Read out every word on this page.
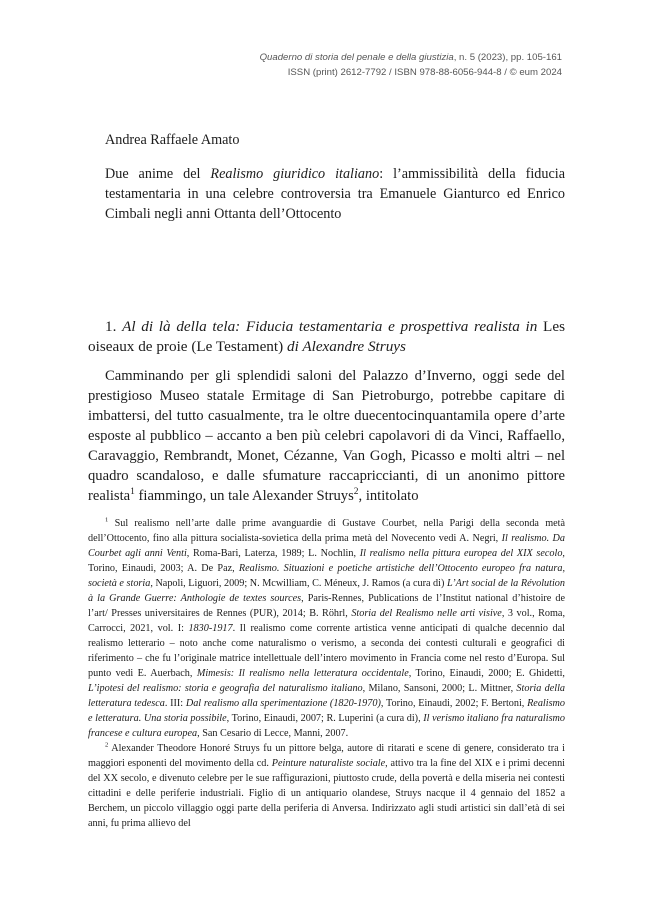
Quaderno di storia del penale e della giustizia, n. 5 (2023), pp. 105-161
ISSN (print) 2612-7792 / ISBN 978-88-6056-944-8 / © eum 2024
Andrea Raffaele Amato
Due anime del Realismo giuridico italiano: l’ammissibilità della fiducia testamentaria in una celebre controversia tra Emanuele Gianturco ed Enrico Cimbali negli anni Ottanta dell’Ottocento
1. Al di là della tela: Fiducia testamentaria e prospettiva realista in Les oiseaux de proie (Le Testament) di Alexandre Struys
Camminando per gli splendidi saloni del Palazzo d’Inverno, oggi sede del prestigioso Museo statale Ermitage di San Pietroburgo, potrebbe capitare di imbattersi, del tutto casualmente, tra le oltre duecentocinquantamila opere d’arte esposte al pubblico – accanto a ben più celebri capolavori di da Vinci, Raffaello, Caravaggio, Rembrandt, Monet, Cézanne, Van Gogh, Picasso e molti altri – nel quadro scandaloso, e dalle sfumature raccapriccianti, di un anonimo pittore realista$^1$ fiammingo, un tale Alexander Struys$^2$, intitolato

$^1$ Sul realismo nell’arte dalle prime avanguardie di Gustave Courbet, nella Parigi della seconda metà dell’Ottocento, fino alla pittura socialista-sovietica della prima metà del Novecento vedi A. Negri, Il realismo. Da Courbet agli anni Venti, Roma-Bari, Laterza, 1989; L. Nochlin, Il realismo nella pittura europea del XIX secolo, Torino, Einaudi, 2003; A. De Paz, Realismo. Situazioni e poetiche artistiche dell’Ottocento europeo fra natura, società e storia, Napoli, Liguori, 2009; N. Mcwilliam, C. Méneux, J. Ramos (a cura di) L’Art social de la Révolution à la Grande Guerre: Anthologie de textes sources, Paris-Rennes, Publications de l’Institut national d’histoire de l’art/ Presses universitaires de Rennes (PUR), 2014; B. Röhrl, Storia del Realismo nelle arti visive, 3 vol., Roma, Carrocci, 2021, vol. I: 1830-1917. Il realismo come corrente artistica venne anticipati di qualche decennio dal realismo letterario – noto anche come naturalismo o verismo, a seconda dei contesti culturali e geografici di riferimento – che fu l’originale matrice intellettuale dell’intero movimento in Francia come nel resto d’Europa. Sul punto vedi E. Auerbach, Mimesis: Il realismo nella letteratura occidentale, Torino, Einaudi, 2000; E. Ghidetti, L’ipotesi del realismo: storia e geografia del naturalismo italiano, Milano, Sansoni, 2000; L. Mittner, Storia della letteratura tedesca. III: Dal realismo alla sperimentazione (1820-1970), Torino, Einaudi, 2002; F. Bertoni, Realismo e letteratura. Una storia possibile, Torino, Einaudi, 2007; R. Luperini (a cura di), Il verismo italiano fra naturalismo francese e cultura europea, San Cesario di Lecce, Manni, 2007.

$^2$ Alexander Theodore Honoré Struys fu un pittore belga, autore di ritarati e scene di genere, considerato tra i maggiori esponenti del movimento della cd. Peinture naturaliste sociale, attivo tra la fine del XIX e i primi decenni del XX secolo, e divenuto celebre per le sue raffigurazioni, piuttosto crude, della povertà e della miseria nei contesti cittadini e delle periferie industriali. Figlio di un antiquario olandese, Struys nacque il 4 gennaio del 1852 a Berchem, un piccolo villaggio oggi parte della periferia di Anversa. Indirizzato agli studi artistici sin dall’età di sei anni, fu prima allievo del
